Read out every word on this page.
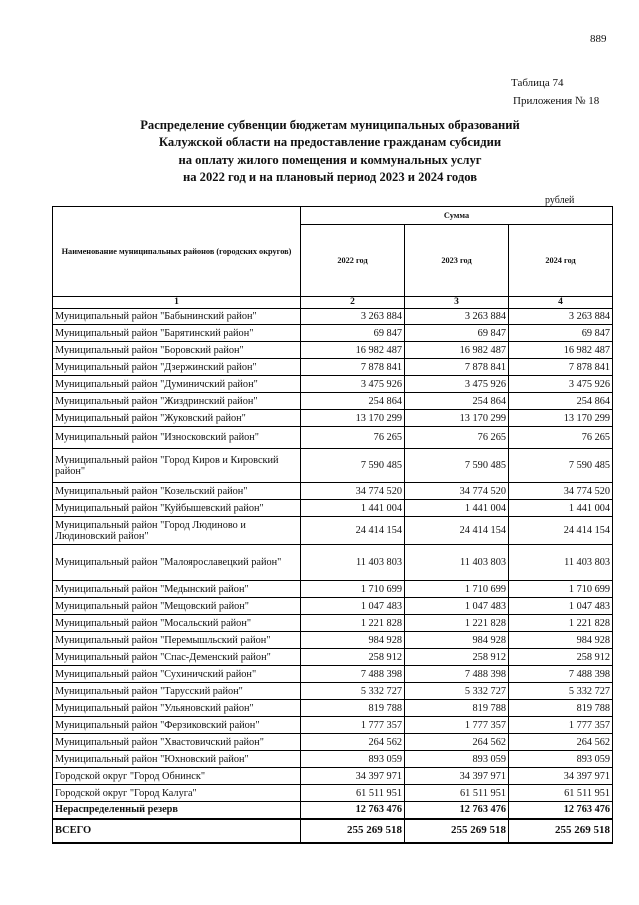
889
Таблица 74
Приложения № 18
Распределение субвенции бюджетам муниципальных образований
Калужской области на предоставление гражданам субсидии
на оплату жилого помещения и коммунальных услуг
на 2022 год и на плановый период 2023 и 2024 годов
рублей
Наименование муниципальных районов (городских округов)	Сумма		
	2022 год	2023 год	2024 год
1	2	3	4
Муниципальный район "Бабынинский район"	3 263 884	3 263 884	3 263 884
Муниципальный район "Барятинский район"	69 847	69 847	69 847
Муниципальный район "Боровский район"	16 982 487	16 982 487	16 982 487
Муниципальный район "Дзержинский район"	7 878 841	7 878 841	7 878 841
Муниципальный район "Думиничский район"	3 475 926	3 475 926	3 475 926
Муниципальный район "Жиздринский район"	254 864	254 864	254 864
Муниципальный район "Жуковский район"	13 170 299	13 170 299	13 170 299
Муниципальный район "Износковский район"	76 265	76 265	76 265
Муниципальный район "Город Киров и Кировский район"	7 590 485	7 590 485	7 590 485
Муниципальный район "Козельский район"	34 774 520	34 774 520	34 774 520
Муниципальный район "Куйбышевский район"	1 441 004	1 441 004	1 441 004
Муниципальный район "Город Людиново и Людиновский район"	24 414 154	24 414 154	24 414 154
Муниципальный район "Малоярославецкий район"	11 403 803	11 403 803	11 403 803
Муниципальный район "Медынский район"	1 710 699	1 710 699	1 710 699
Муниципальный район "Мещовский район"	1 047 483	1 047 483	1 047 483
Муниципальный район "Мосальский район"	1 221 828	1 221 828	1 221 828
Муниципальный район "Перемышльский район"	984 928	984 928	984 928
Муниципальный район "Спас-Деменский район"	258 912	258 912	258 912
Муниципальный район "Сухиничский район"	7 488 398	7 488 398	7 488 398
Муниципальный район "Тарусский район"	5 332 727	5 332 727	5 332 727
Муниципальный район "Ульяновский район"	819 788	819 788	819 788
Муниципальный район "Ферзиковский район"	1 777 357	1 777 357	1 777 357
Муниципальный район "Хвастовичский район"	264 562	264 562	264 562
Муниципальный район "Юхновский район"	893 059	893 059	893 059
Городской округ "Город Обнинск"	34 397 971	34 397 971	34 397 971
Городской округ "Город Калуга"	61 511 951	61 511 951	61 511 951
Нераспределенный резерв	12 763 476	12 763 476	12 763 476
ВСЕГО	255 269 518	255 269 518	255 269 518
